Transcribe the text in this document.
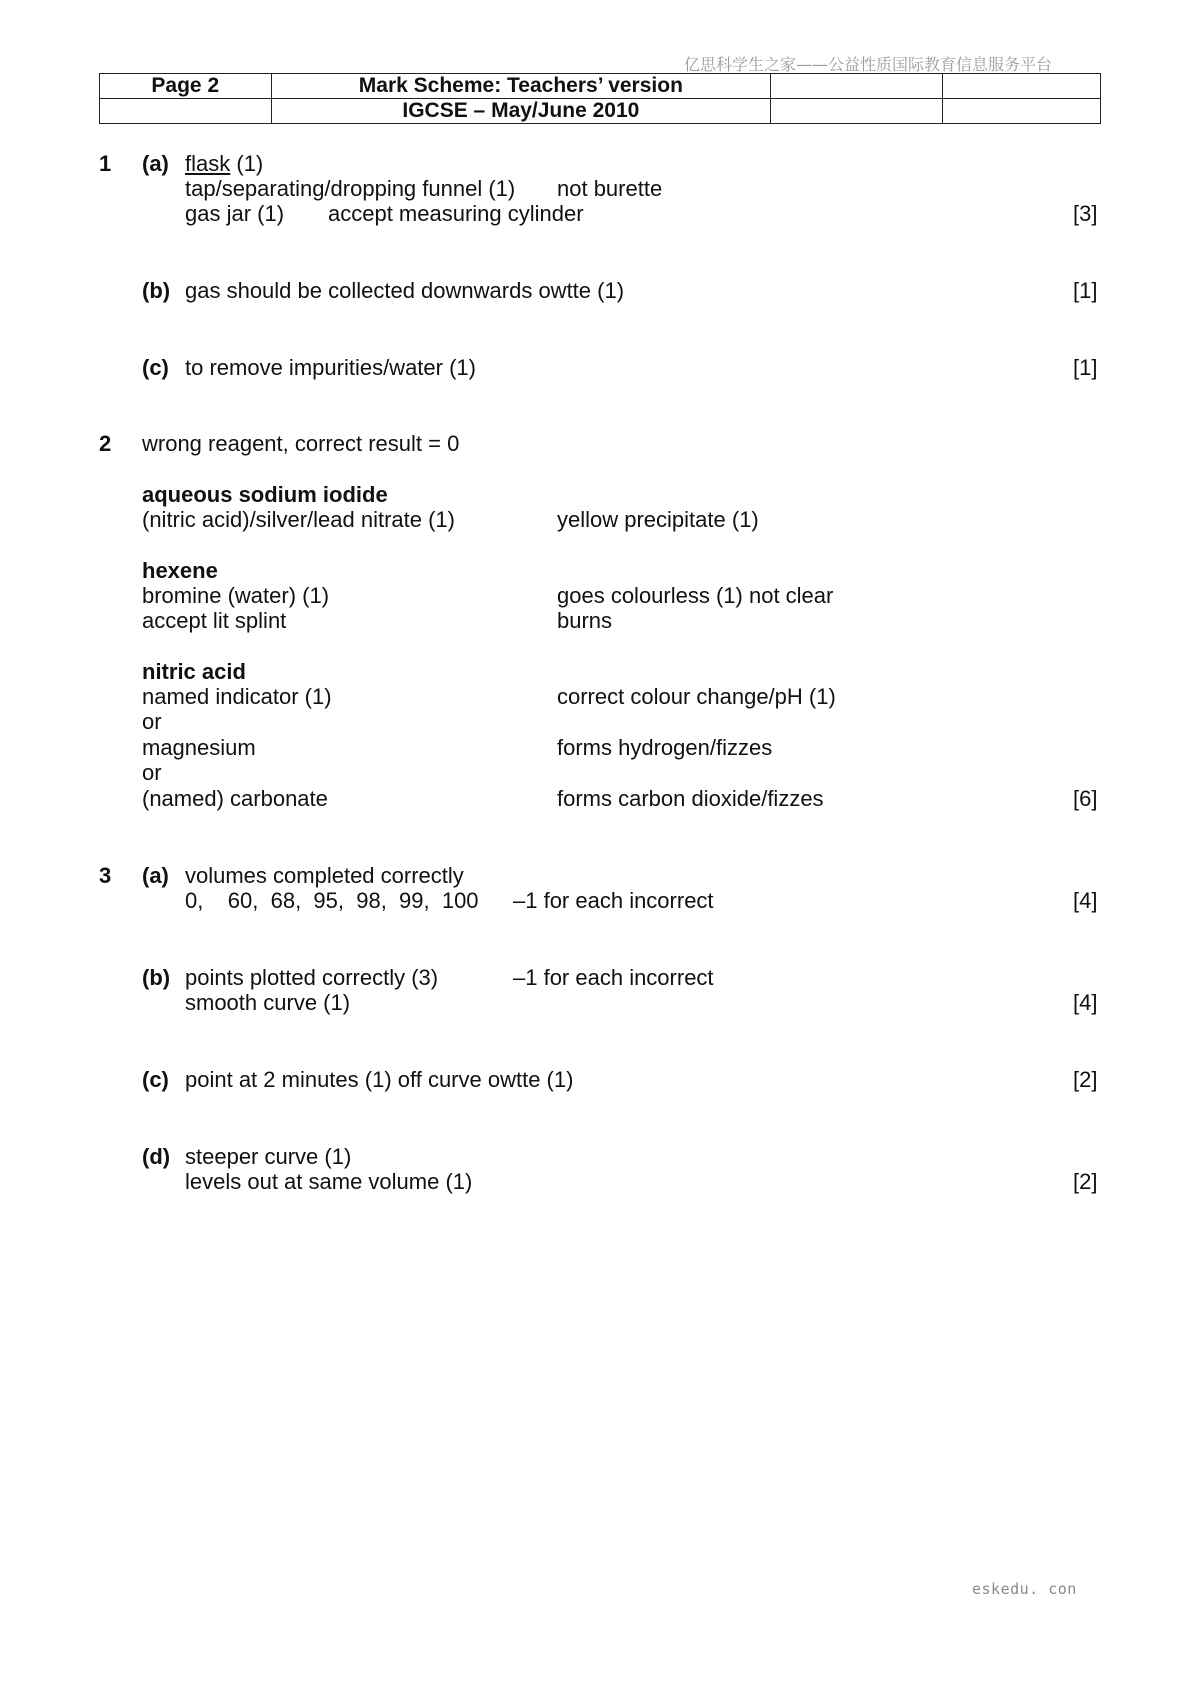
亿思科学生之家——公益性质国际教育信息服务平台
Page 2	Mark Scheme: Teachers’ version		
	IGCSE – May/June 2010		
1 (a) flask (1)
tap/separating/dropping funnel (1) not burette
gas jar (1) accept measuring cylinder	[3]
(b) gas should be collected downwards owtte (1)	[1]
(c) to remove impurities/water (1)	[1]
2 wrong reagent, correct result = 0
aqueous sodium iodide
(nitric acid)/silver/lead nitrate (1)	yellow precipitate (1)
hexene
bromine (water) (1)	goes colourless (1) not clear
accept lit splint	burns
nitric acid
named indicator (1)	correct colour change/pH (1)
or
magnesium	forms hydrogen/fizzes
or
(named) carbonate	forms carbon dioxide/fizzes	[6]
3 (a) volumes completed correctly
0,    60,  68,  95,  98,  99,  100 –1 for each incorrect	[4]
(b) points plotted correctly (3)	–1 for each incorrect
smooth curve (1)	[4]
(c) point at 2 minutes (1) off curve owtte (1)	[2]
(d) steeper curve (1)
levels out at same volume (1)	[2]
eskedu. con
